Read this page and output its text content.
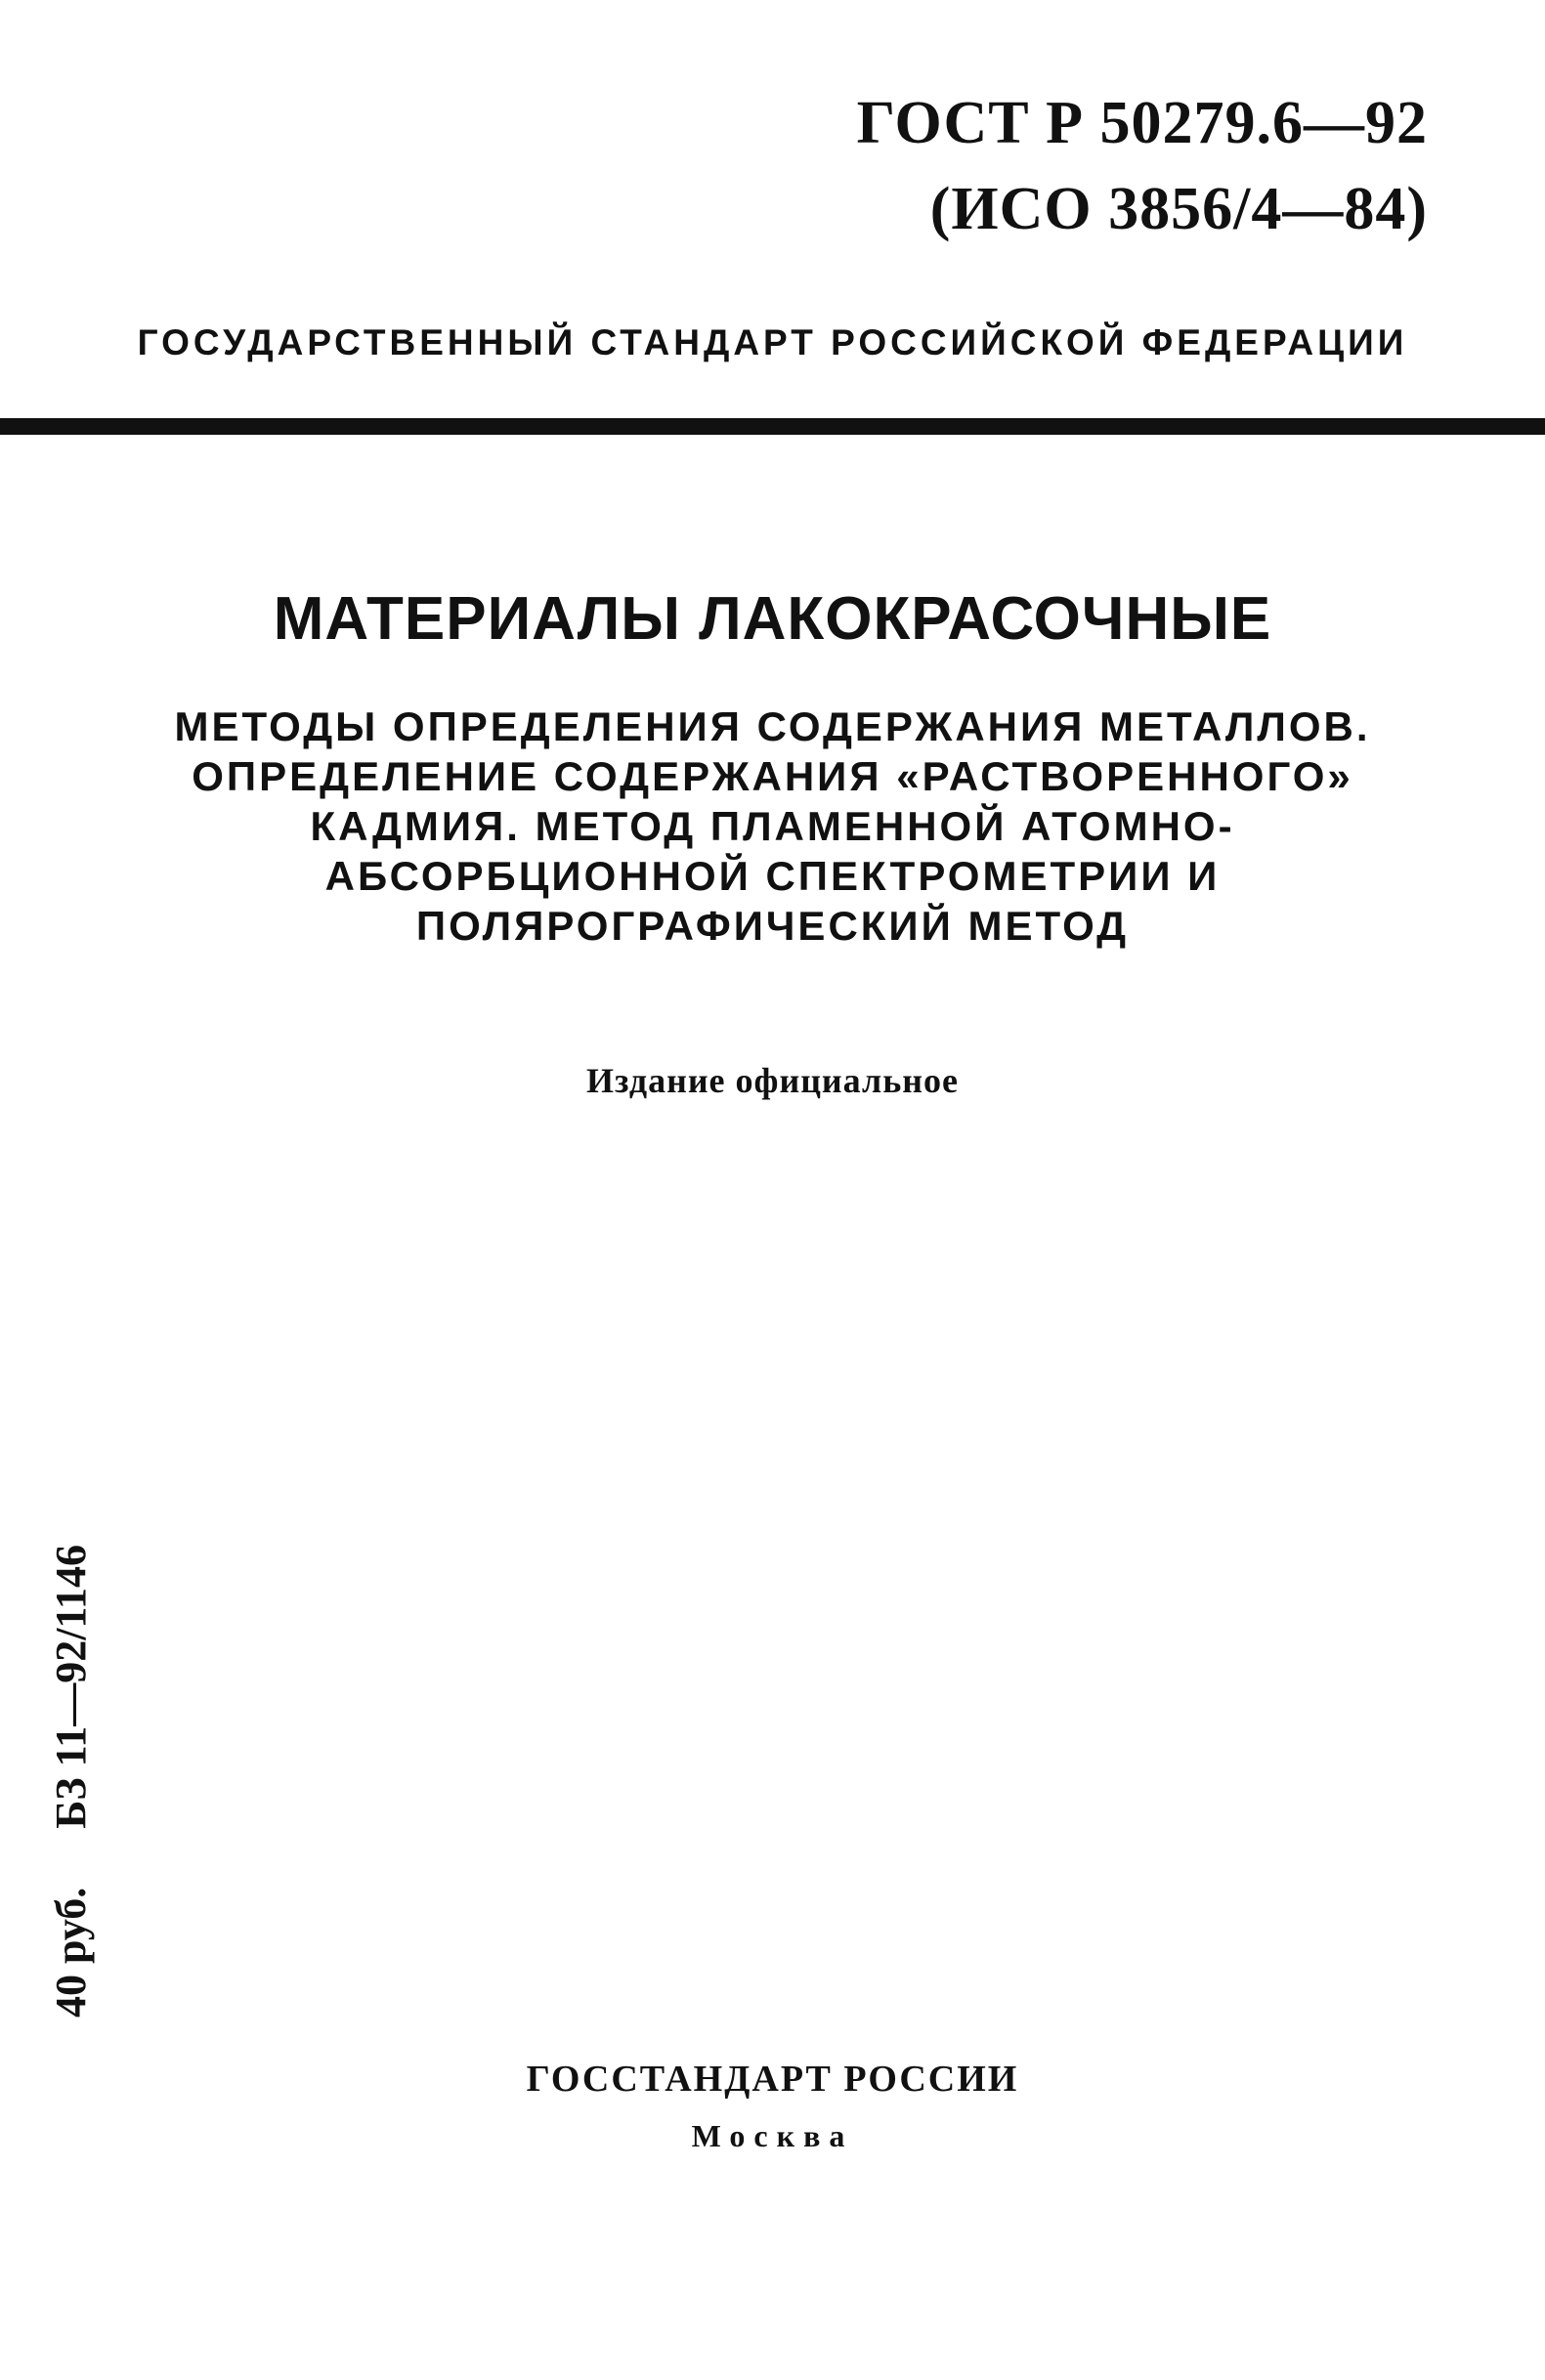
ГОСТ Р 50279.6—92
(ИСО 3856/4—84)
ГОСУДАРСТВЕННЫЙ СТАНДАРТ РОССИЙСКОЙ ФЕДЕРАЦИИ
МАТЕРИАЛЫ ЛАКОКРАСОЧНЫЕ
МЕТОДЫ ОПРЕДЕЛЕНИЯ СОДЕРЖАНИЯ МЕТАЛЛОВ.
ОПРЕДЕЛЕНИЕ СОДЕРЖАНИЯ «РАСТВОРЕННОГО»
КАДМИЯ. МЕТОД ПЛАМЕННОЙ АТОМНО-
АБСОРБЦИОННОЙ СПЕКТРОМЕТРИИ И
ПОЛЯРОГРАФИЧЕСКИЙ МЕТОД
Издание официальное
40 руб.БЗ 11—92/1146
ГОССТАНДАРТ РОССИИ
Москва
